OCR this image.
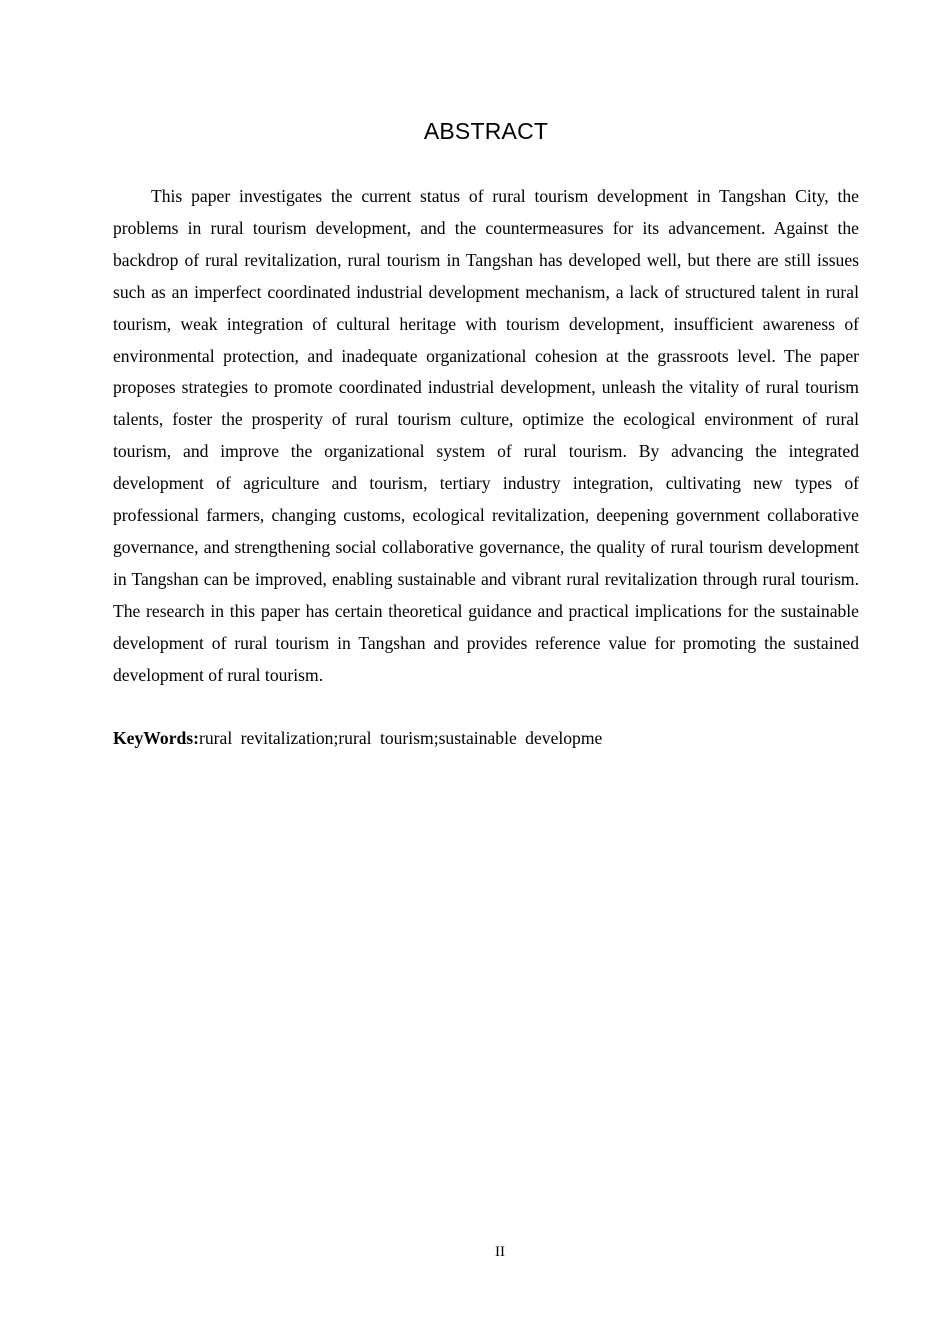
ABSTRACT

This paper investigates the current status of rural tourism development in Tangshan City, the problems in rural tourism development, and the countermeasures for its advancement. Against the backdrop of rural revitalization, rural tourism in Tangshan has developed well, but there are still issues such as an imperfect coordinated industrial development mechanism, a lack of structured talent in rural tourism, weak integration of cultural heritage with tourism development, insufficient awareness of environmental protection, and inadequate organizational cohesion at the grassroots level. The paper proposes strategies to promote coordinated industrial development, unleash the vitality of rural tourism talents, foster the prosperity of rural tourism culture, optimize the ecological environment of rural tourism, and improve the organizational system of rural tourism. By advancing the integrated development of agriculture and tourism, tertiary industry integration, cultivating new types of professional farmers, changing customs, ecological revitalization, deepening government collaborative governance, and strengthening social collaborative governance, the quality of rural tourism development in Tangshan can be improved, enabling sustainable and vibrant rural revitalization through rural tourism. The research in this paper has certain theoretical guidance and practical implications for the sustainable development of rural tourism in Tangshan and provides reference value for promoting the sustained development of rural tourism.

KeyWords:rural revitalization;rural tourism;sustainable developme

II
